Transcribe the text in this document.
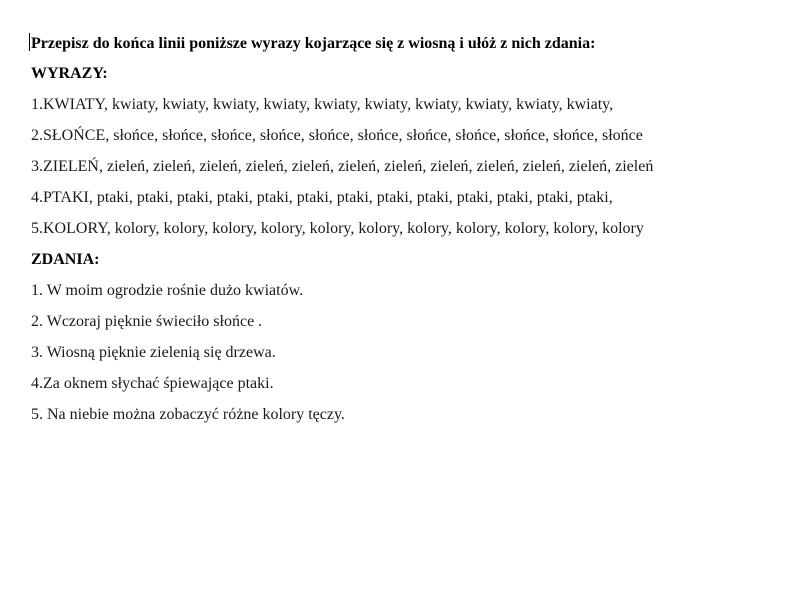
Przepisz do końca linii poniższe wyrazy kojarzące się z wiosną i ułóż z nich zdania:
WYRAZY:
1.KWIATY, kwiaty, kwiaty, kwiaty, kwiaty, kwiaty, kwiaty, kwiaty, kwiaty, kwiaty, kwiaty,
2.SŁOŃCE, słońce, słońce, słońce, słońce, słońce, słońce, słońce, słońce, słońce, słońce, słońce
3.ZIELEŃ, zieleń, zieleń, zieleń, zieleń, zieleń, zieleń, zieleń, zieleń, zieleń, zieleń, zieleń, zieleń
4.PTAKI, ptaki, ptaki, ptaki, ptaki, ptaki, ptaki, ptaki, ptaki, ptaki, ptaki, ptaki, ptaki, ptaki,
5.KOLORY, kolory, kolory, kolory, kolory, kolory, kolory, kolory, kolory, kolory, kolory, kolory
ZDANIA:
1. W moim ogrodzie rośnie dużo kwiatów.
2. Wczoraj pięknie świeciło słońce .
3. Wiosną pięknie zielenią się drzewa.
4.Za oknem słychać śpiewające ptaki.
5. Na niebie można zobaczyć różne kolory tęczy.
